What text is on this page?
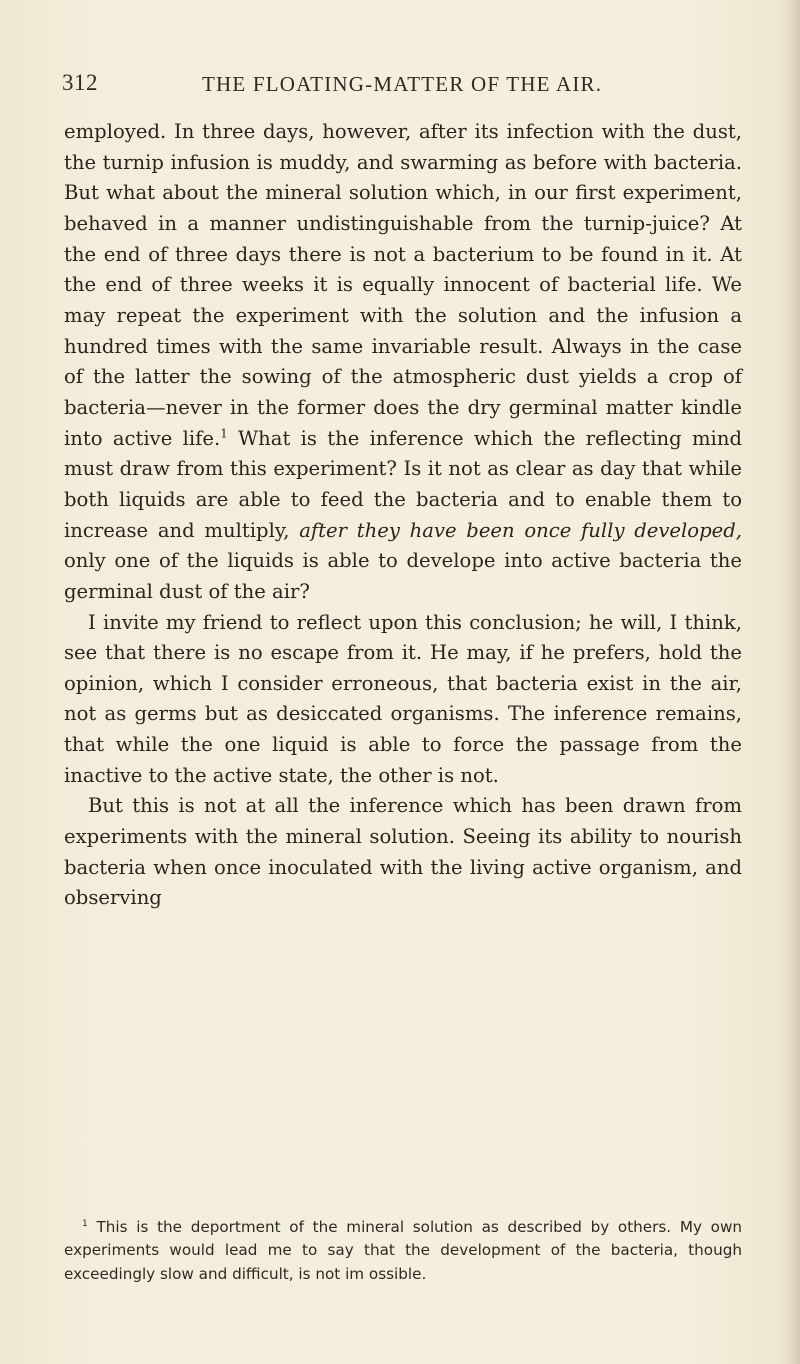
312	THE FLOATING-MATTER OF THE AIR.

employed. In three days, however, after its infection with the dust, the turnip infusion is muddy, and swarming as before with bacteria. But what about the mineral solution which, in our first experiment, behaved in a manner undistinguishable from the turnip-juice? At the end of three days there is not a bacterium to be found in it. At the end of three weeks it is equally innocent of bacterial life. We may repeat the experiment with the solution and the infusion a hundred times with the same invariable result. Always in the case of the latter the sowing of the atmospheric dust yields a crop of bacteria—never in the former does the dry germinal matter kindle into active life.$^1$ What is the inference which the reflecting mind must draw from this experiment? Is it not as clear as day that while both liquids are able to feed the bacteria and to enable them to increase and multiply, after they have been once fully developed, only one of the liquids is able to develope into active bacteria the germinal dust of the air?

I invite my friend to reflect upon this conclusion; he will, I think, see that there is no escape from it. He may, if he prefers, hold the opinion, which I consider erroneous, that bacteria exist in the air, not as germs but as desiccated organisms. The inference remains, that while the one liquid is able to force the passage from the inactive to the active state, the other is not.

But this is not at all the inference which has been drawn from experiments with the mineral solution. Seeing its ability to nourish bacteria when once inoculated with the living active organism, and observing

$^1$ This is the deportment of the mineral solution as described by others. My own experiments would lead me to say that the development of the bacteria, though exceedingly slow and difficult, is not im ossible.
